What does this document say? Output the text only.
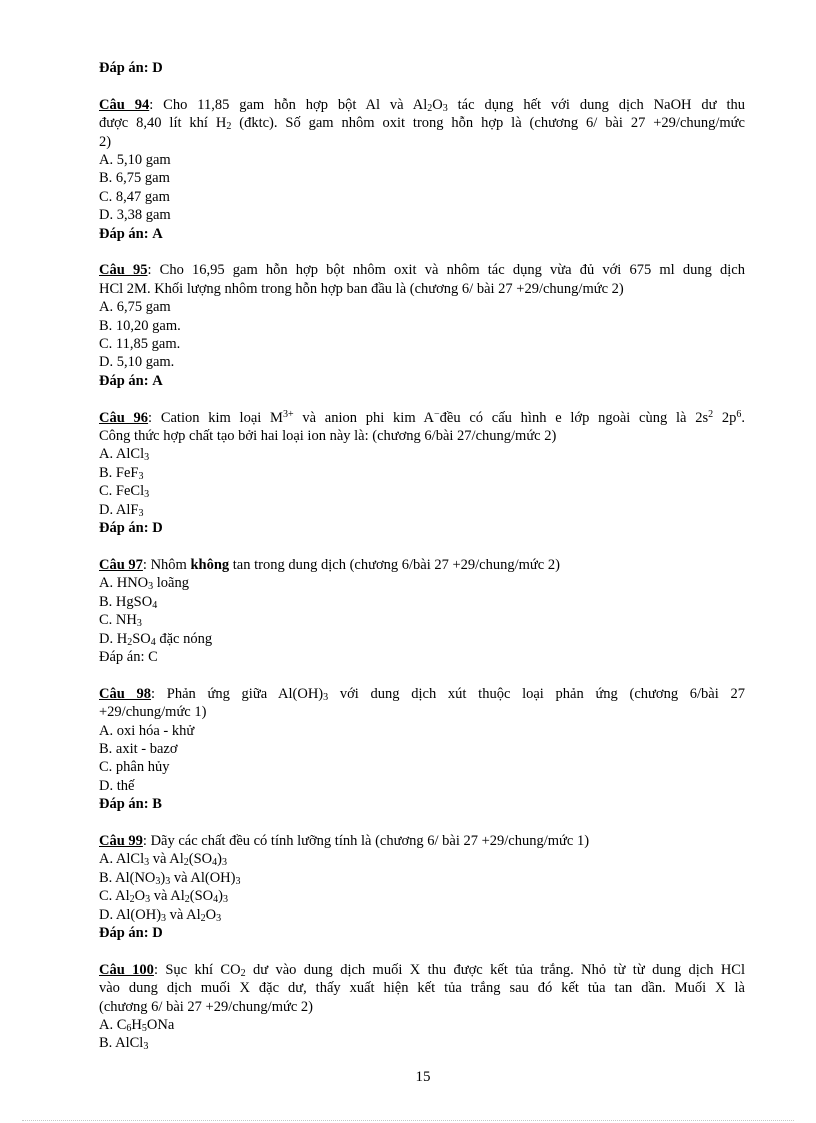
Đáp án: D
Câu 94: Cho 11,85 gam hỗn hợp bột Al và $Al_2O_3$ tác dụng hết với dung dịch NaOH dư thu
được 8,40 lít khí $H_2$ (đktc). Số gam nhôm oxit trong hỗn hợp là (chương 6/ bài 27 +29/chung/mức
2)
A. 5,10 gam
B. 6,75 gam
C. 8,47 gam
D. 3,38 gam
Đáp án: A
Câu 95: Cho 16,95 gam hỗn hợp bột nhôm oxit và nhôm tác dụng vừa đủ với 675 ml dung dịch
HCl 2M. Khối lượng nhôm trong hỗn hợp ban đầu là (chương 6/ bài 27 +29/chung/mức 2)
A. 6,75 gam
B. 10,20 gam.
C. 11,85 gam.
D. 5,10 gam.
Đáp án: A
Câu 96: Cation kim loại $M^{3+}$ và anion phi kim A−đều có cấu hình e lớp ngoài cùng là $2s^2$ $2p^6$.
Công thức hợp chất tạo bởi hai loại ion này là: (chương 6/bài 27/chung/mức 2)
A. AlCl$_3$
B. FeF$_3$
C. FeCl$_3$
D. AlF$_3$
Đáp án: D
Câu 97: Nhôm không tan trong dung dịch (chương 6/bài 27 +29/chung/mức 2)
A. $HNO_3$ loãng
B. HgSO$_4$
C. $NH_3$
D. $H_2SO_4$ đặc nóng
Đáp án: C
Câu 98: Phản ứng giữa $Al(OH)_3$ với dung dịch xút thuộc loại phản ứng (chương 6/bài 27
+29/chung/mức 1)
A. oxi hóa - khử
B. axit - bazơ
C. phân hủy
D. thế
Đáp án: B
Câu 99: Dãy các chất đều có tính lưỡng tính là (chương 6/ bài 27 +29/chung/mức 1)
A. AlCl$_3$ và $Al_2(SO_4)_3$
B. $Al(NO_3)_3$ và $Al(OH)_3$
C. $Al_2O_3$ và $Al_2(SO_4)_3$
D. $Al(OH)_3$ và $Al_2O_3$
Đáp án: D
Câu 100: Sục khí $CO_2$ dư vào dung dịch muối X thu được kết tủa trắng. Nhỏ từ từ dung dịch HCl
vào dung dịch muối X đặc dư, thấy xuất hiện kết tủa trắng sau đó kết tủa tan dần. Muối X là
(chương 6/ bài 27 +29/chung/mức 2)
A. $C_6H_5ONa$
B. AlCl$_3$
15
